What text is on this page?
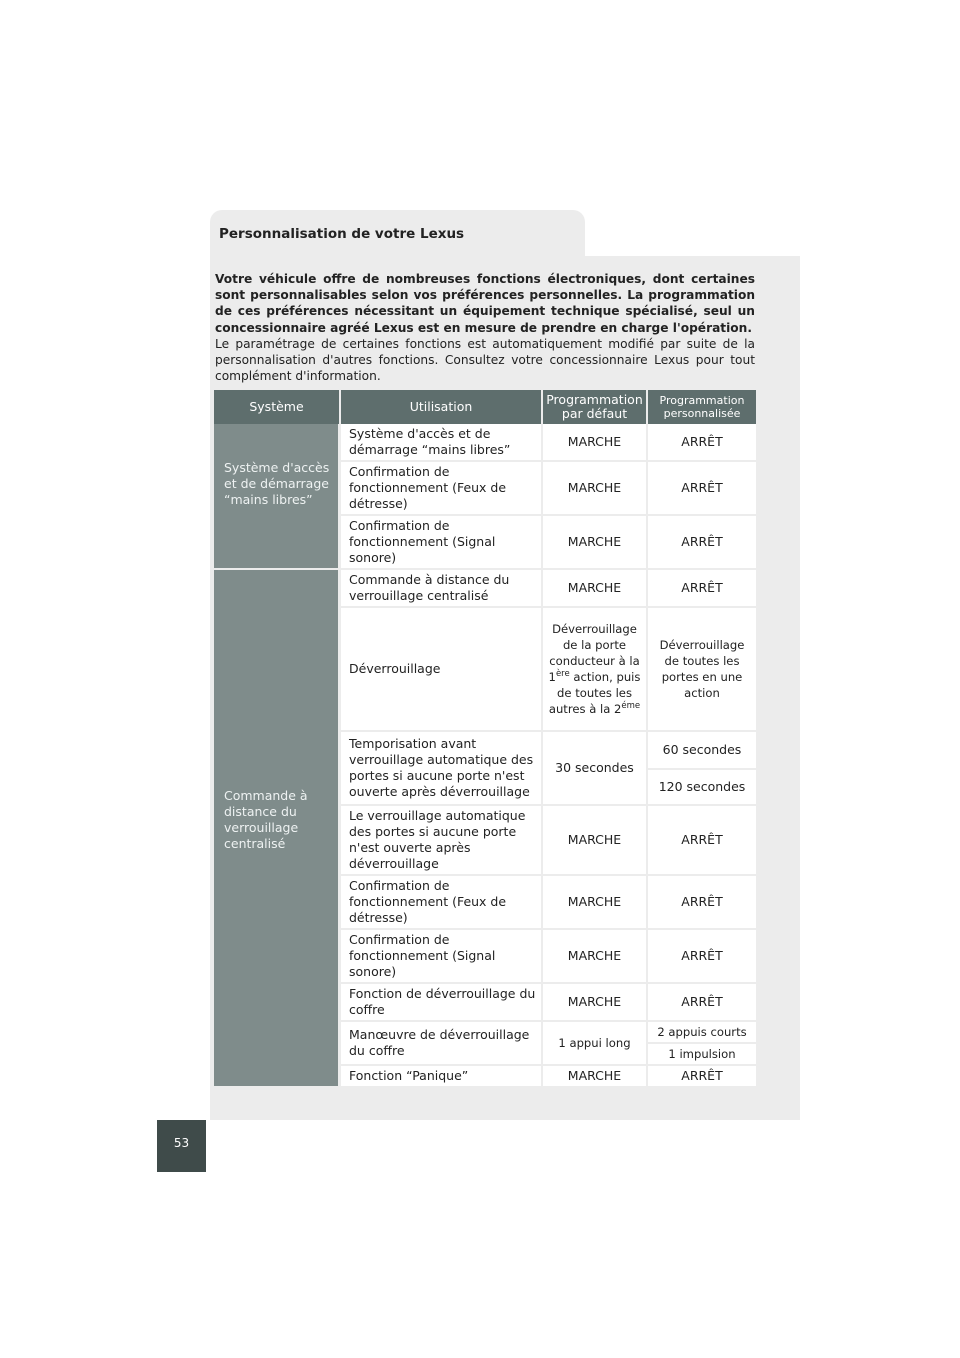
Personnalisation de votre Lexus

Votre véhicule offre de nombreuses fonctions électroniques, dont certaines sont personnalisables selon vos préférences personnelles. La programmation de ces préférences nécessitant un équipement technique spécialisé, seul un concessionnaire agréé Lexus est en mesure de prendre en charge l'opération.

Le paramétrage de certaines fonctions est automatiquement modifié par suite de la personnalisation d'autres fonctions. Consultez votre concessionnaire Lexus pour tout complément d'information.

Système	Utilisation	Programmation par défaut	Programmation personnalisée
Système d'accès et de démarrage “mains libres”	Système d'accès et de démarrage “mains libres”	MARCHE	ARRÊT
	Confirmation de fonctionnement (Feux de détresse)	MARCHE	ARRÊT
	Confirmation de fonctionnement (Signal sonore)	MARCHE	ARRÊT
Commande à distance du verrouillage centralisé	Commande à distance du verrouillage centralisé	MARCHE	ARRÊT
	Déverrouillage	Déverrouillage de la porte conducteur à la 1ère action, puis de toutes les autres à la $2^{éme}$	Déverrouillage de toutes les portes en une action
	Temporisation avant verrouillage automatique des portes si aucune porte n'est ouverte après déverrouillage	30 secondes	60 secondes
			120 secondes
	Le verrouillage automatique des portes si aucune porte n'est ouverte après déverrouillage	MARCHE	ARRÊT
	Confirmation de fonctionnement (Feux de détresse)	MARCHE	ARRÊT
	Confirmation de fonctionnement (Signal sonore)	MARCHE	ARRÊT
	Fonction de déverrouillage du coffre	MARCHE	ARRÊT
	Manœuvre de déverrouillage du coffre	1 appui long	2 appuis courts
			1 impulsion
	Fonction “Panique”	MARCHE	ARRÊT
53
